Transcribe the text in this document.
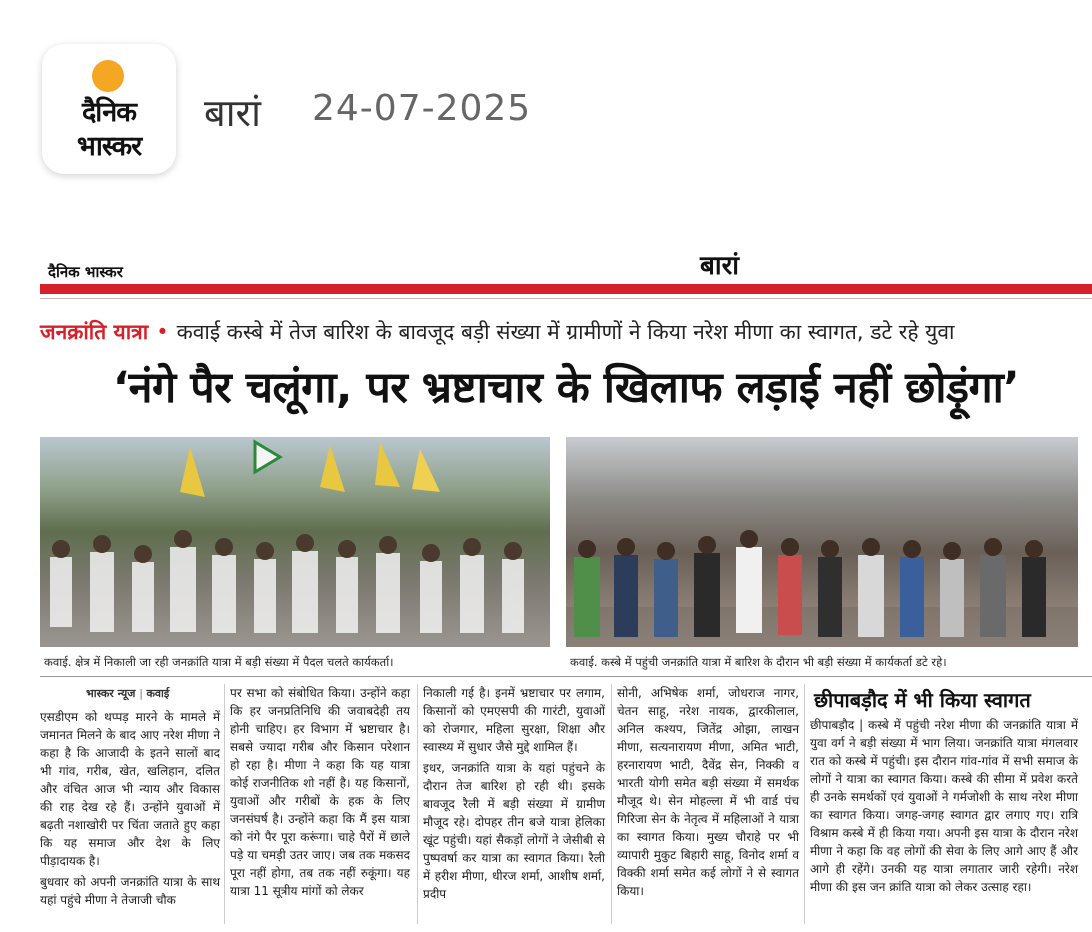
दैनिक
भास्कर
बारां 24-07-2025
दैनिक भास्कर	बारां
जनक्रांति यात्रा • कवाई कस्बे में तेज बारिश के बावजूद बड़ी संख्या में ग्रामीणों ने किया नरेश मीणा का स्वागत, डटे रहे युवा
‘नंगे पैर चलूंगा, पर भ्रष्टाचार के खिलाफ लड़ाई नहीं छोड़ूंगा’
कवाई. क्षेत्र में निकाली जा रही जनक्रांति यात्रा में बड़ी संख्या में पैदल चलते कार्यकर्ता।	कवाई. कस्बे में पहुंची जनक्रांति यात्रा में बारिश के दौरान भी बड़ी संख्या में कार्यकर्ता डटे रहे।
भास्कर न्यूज | कवाई

एसडीएम को थप्पड़ मारने के मामले में जमानत मिलने के बाद आए नरेश मीणा ने कहा है कि आजादी के इतने सालों बाद भी गांव, गरीब, खेत, खलिहान, दलित और वंचित आज भी न्याय और विकास की राह देख रहे हैं। उन्होंने युवाओं में बढ़ती नशाखोरी पर चिंता जताते हुए कहा कि यह समाज और देश के लिए पीड़ादायक है।

बुधवार को अपनी जनक्रांति यात्रा के साथ यहां पहुंचे मीणा ने तेजाजी चौक

पर सभा को संबोधित किया। उन्होंने कहा कि हर जनप्रतिनिधि की जवाबदेही तय होनी चाहिए। हर विभाग में भ्रष्टाचार है। सबसे ज्यादा गरीब और किसान परेशान हो रहा है। मीणा ने कहा कि यह यात्रा कोई राजनीतिक शो नहीं है। यह किसानों, युवाओं और गरीबों के हक के लिए जनसंघर्ष है। उन्होंने कहा कि मैं इस यात्रा को नंगे पैर पूरा करूंगा। चाहे पैरों में छाले पड़े या चमड़ी उतर जाए। जब तक मकसद पूरा नहीं होगा, तब तक नहीं रुकूंगा। यह यात्रा 11 सूत्रीय मांगों को लेकर

निकाली गई है। इनमें भ्रष्टाचार पर लगाम, किसानों को एमएसपी की गारंटी, युवाओं को रोजगार, महिला सुरक्षा, शिक्षा और स्वास्थ्य में सुधार जैसे मुद्दे शामिल हैं।

इधर, जनक्रांति यात्रा के यहां पहुंचने के दौरान तेज बारिश हो रही थी। इसके बावजूद रैली में बड़ी संख्या में ग्रामीण मौजूद रहे। दोपहर तीन बजे यात्रा हेलिका खूंट पहुंची। यहां सैकड़ों लोगों ने जेसीबी से पुष्पवर्षा कर यात्रा का स्वागत किया। रैली में हरीश मीणा, धीरज शर्मा, आशीष शर्मा, प्रदीप

सोनी, अभिषेक शर्मा, जोधराज नागर, चेतन साहू, नरेश नायक, द्वारकीलाल, अनिल कश्यप, जितेंद्र ओझा, लाखन मीणा, सत्यनारायण मीणा, अमित भाटी, हरनारायण भाटी, दैवेंद्र सेन, निक्की व भारती योगी समेत बड़ी संख्या में समर्थक मौजूद थे। सेन मोहल्ला में भी वार्ड पंच गिरिजा सेन के नेतृत्व में महिलाओं ने यात्रा का स्वागत किया। मुख्य चौराहे पर भी व्यापारी मुकुट बिहारी साहू, विनोद शर्मा व विक्की शर्मा समेत कई लोगों ने से स्वागत किया।

छीपाबड़ौद में भी किया स्वागत

छीपाबड़ौद | कस्बे में पहुंची नरेश मीणा की जनक्रांति यात्रा में युवा वर्ग ने बड़ी संख्या में भाग लिया। जनक्रांति यात्रा मंगलवार रात को कस्बे में पहुंची। इस दौरान गांव-गांव में सभी समाज के लोगों ने यात्रा का स्वागत किया। कस्बे की सीमा में प्रवेश करते ही उनके समर्थकों एवं युवाओं ने गर्मजोशी के साथ नरेश मीणा का स्वागत किया। जगह-जगह स्वागत द्वार लगाए गए। रात्रि विश्राम कस्बे में ही किया गया। अपनी इस यात्रा के दौरान नरेश मीणा ने कहा कि वह लोगों की सेवा के लिए आगे आए हैं और आगे ही रहेंगे। उनकी यह यात्रा लगातार जारी रहेगी। नरेश मीणा की इस जन क्रांति यात्रा को लेकर उत्साह रहा।
